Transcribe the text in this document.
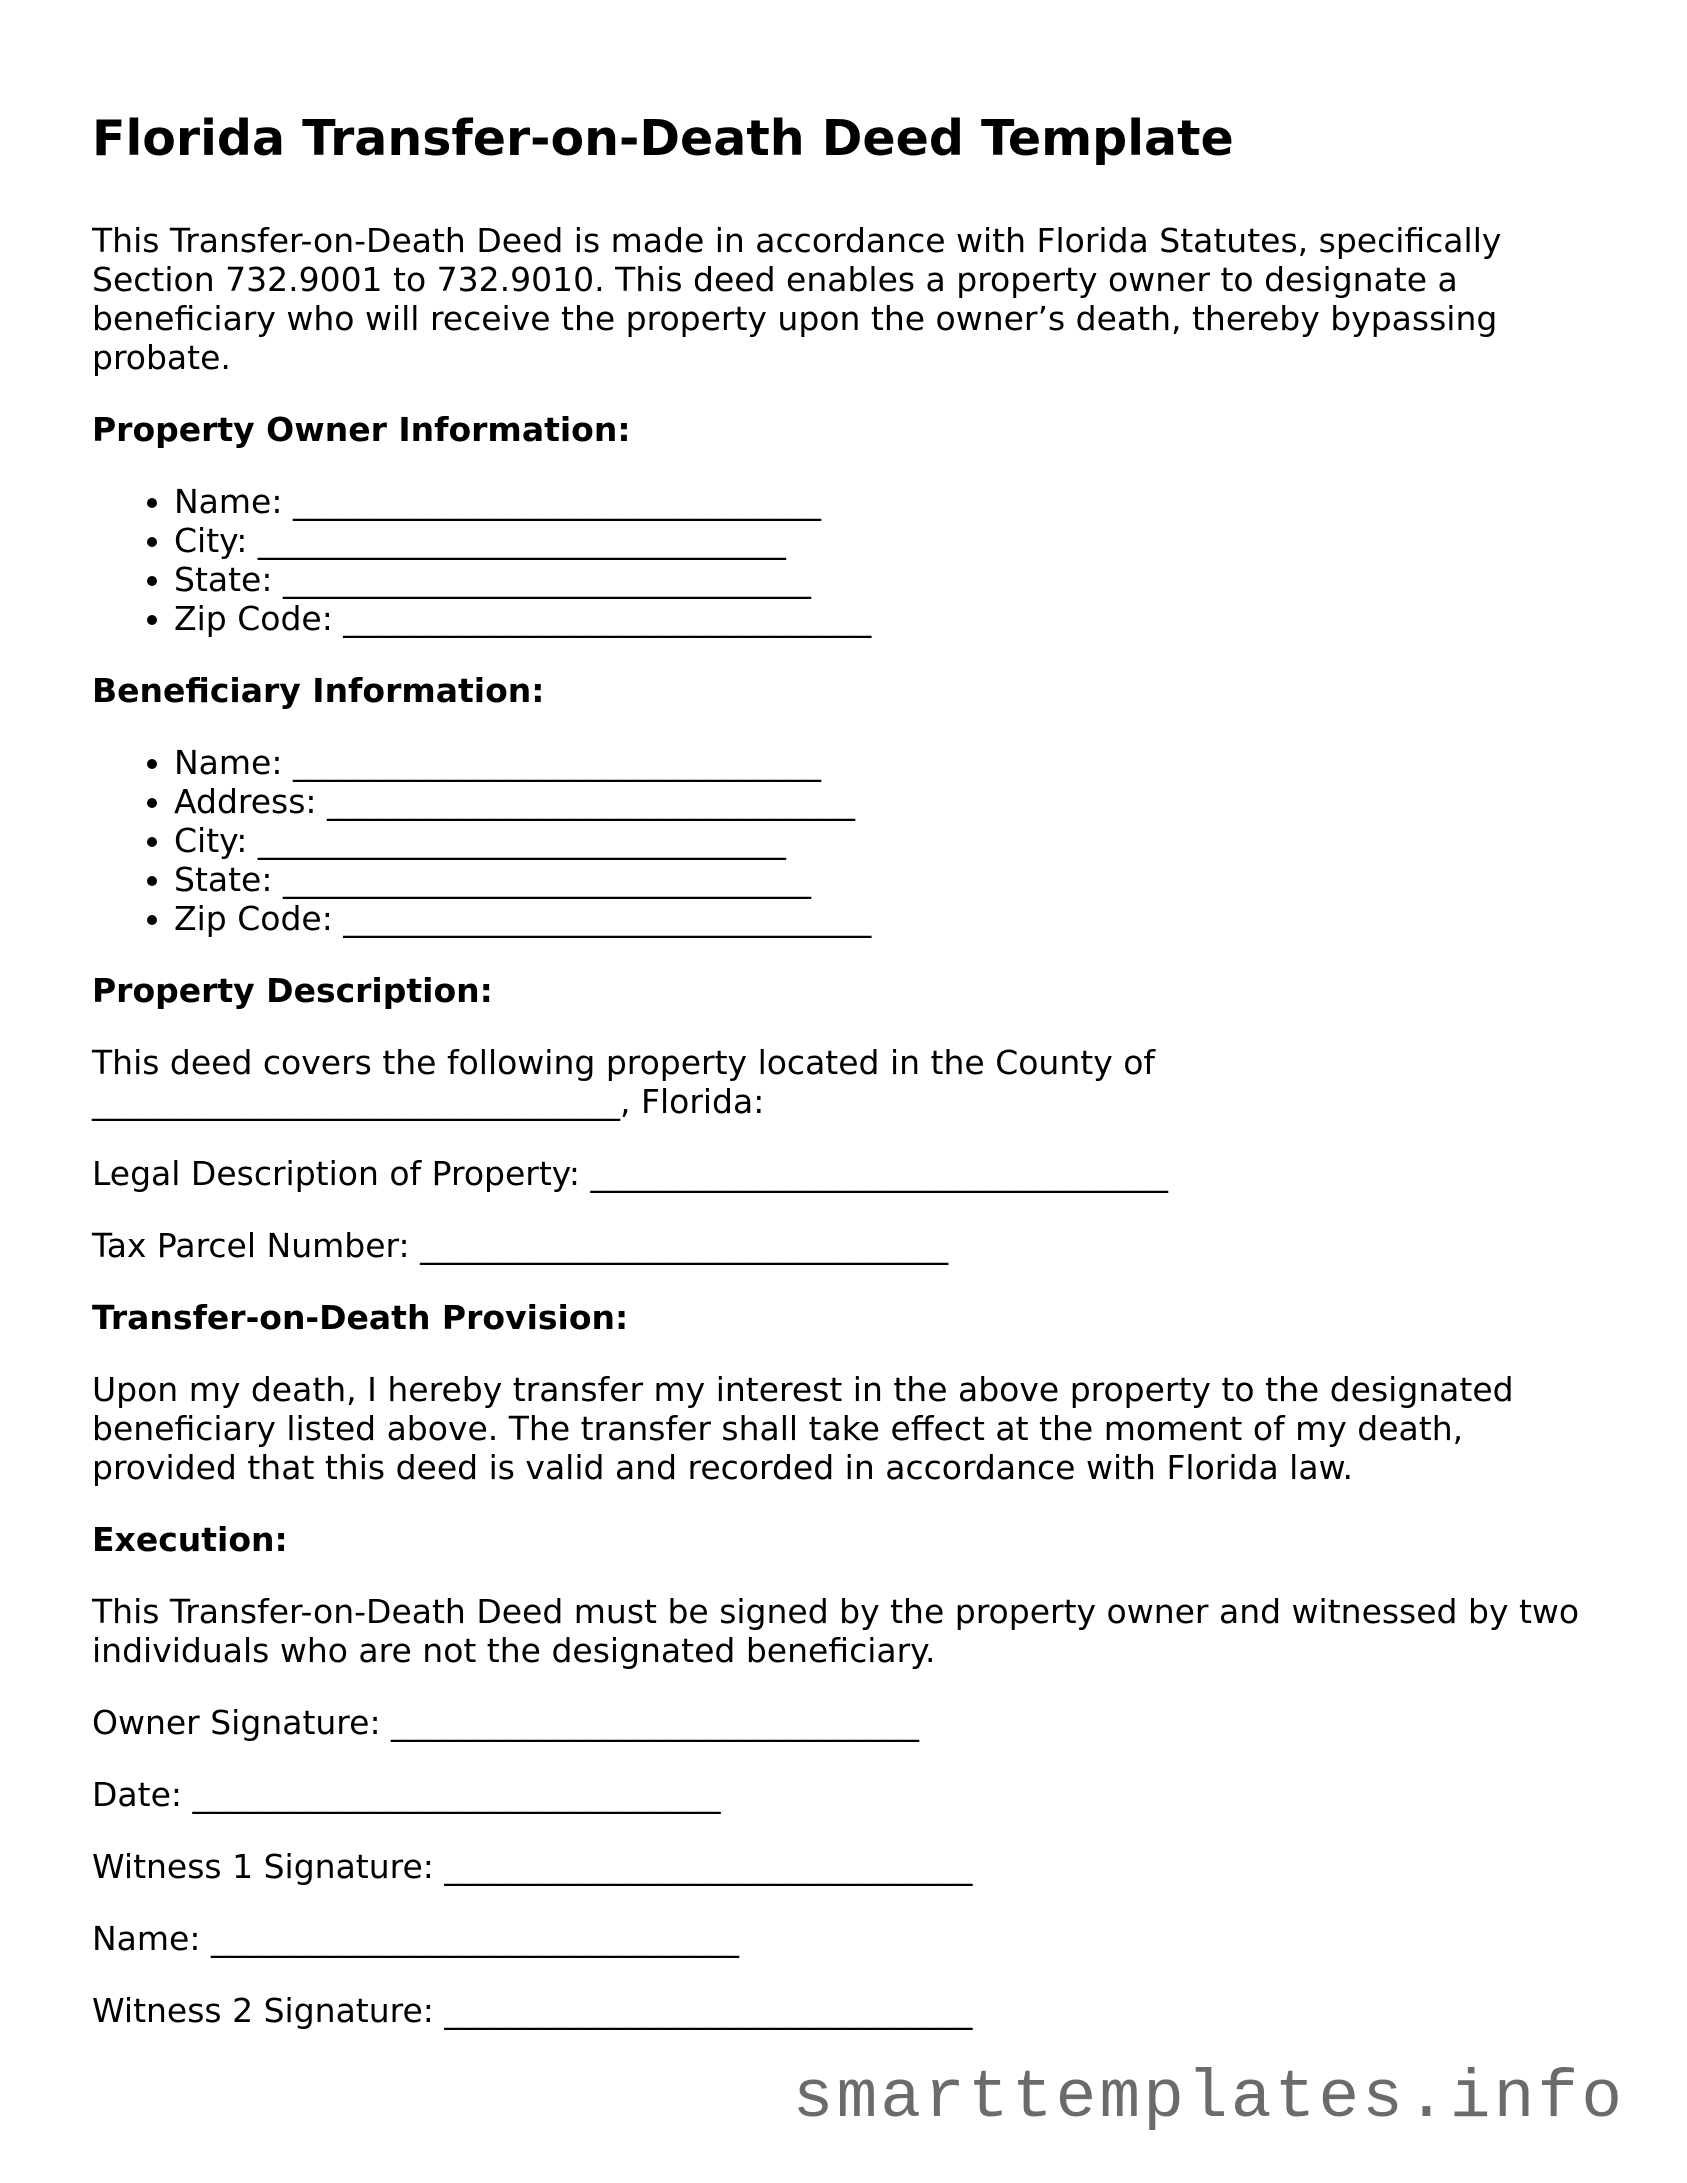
Florida Transfer-on-Death Deed Template

This Transfer-on-Death Deed is made in accordance with Florida Statutes, specifically Section 732.9001 to 732.9010. This deed enables a property owner to designate a beneficiary who will receive the property upon the owner’s death, thereby bypassing probate.

Property Owner Information:
• Name: ________________________________
• City: ________________________________
• State: ________________________________
• Zip Code: ________________________________
Beneficiary Information:
• Name: ________________________________
• Address: ________________________________
• City: ________________________________
• State: ________________________________
• Zip Code: ________________________________
Property Description:

This deed covers the following property located in the County of ________________________________, Florida:

Legal Description of Property: ___________________________________

Tax Parcel Number: ________________________________

Transfer-on-Death Provision:

Upon my death, I hereby transfer my interest in the above property to the designated beneficiary listed above. The transfer shall take effect at the moment of my death, provided that this deed is valid and recorded in accordance with Florida law.

Execution:

This Transfer-on-Death Deed must be signed by the property owner and witnessed by two individuals who are not the designated beneficiary.

Owner Signature: ________________________________

Date: ________________________________

Witness 1 Signature: ________________________________

Name: ________________________________

Witness 2 Signature: ________________________________

smarttemplates.info
